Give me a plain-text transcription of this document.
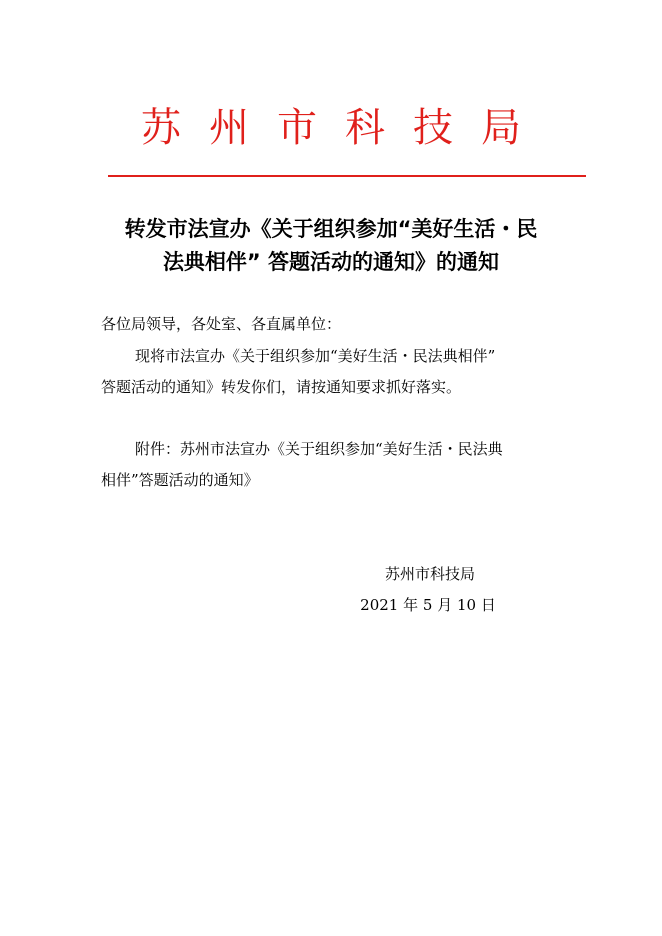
苏州市科技局
转发市法宣办《关于组织参加“美好生活・民
法典相伴” 答题活动的通知》的通知
各位局领导，各处室、各直属单位：
现将市法宣办《关于组织参加“美好生活・民法典相伴”
答题活动的通知》转发你们，请按通知要求抓好落实。
附件：苏州市法宣办《关于组织参加“美好生活・民法典
相伴”答题活动的通知》
苏州市科技局
2021 年 5 月 10 日
